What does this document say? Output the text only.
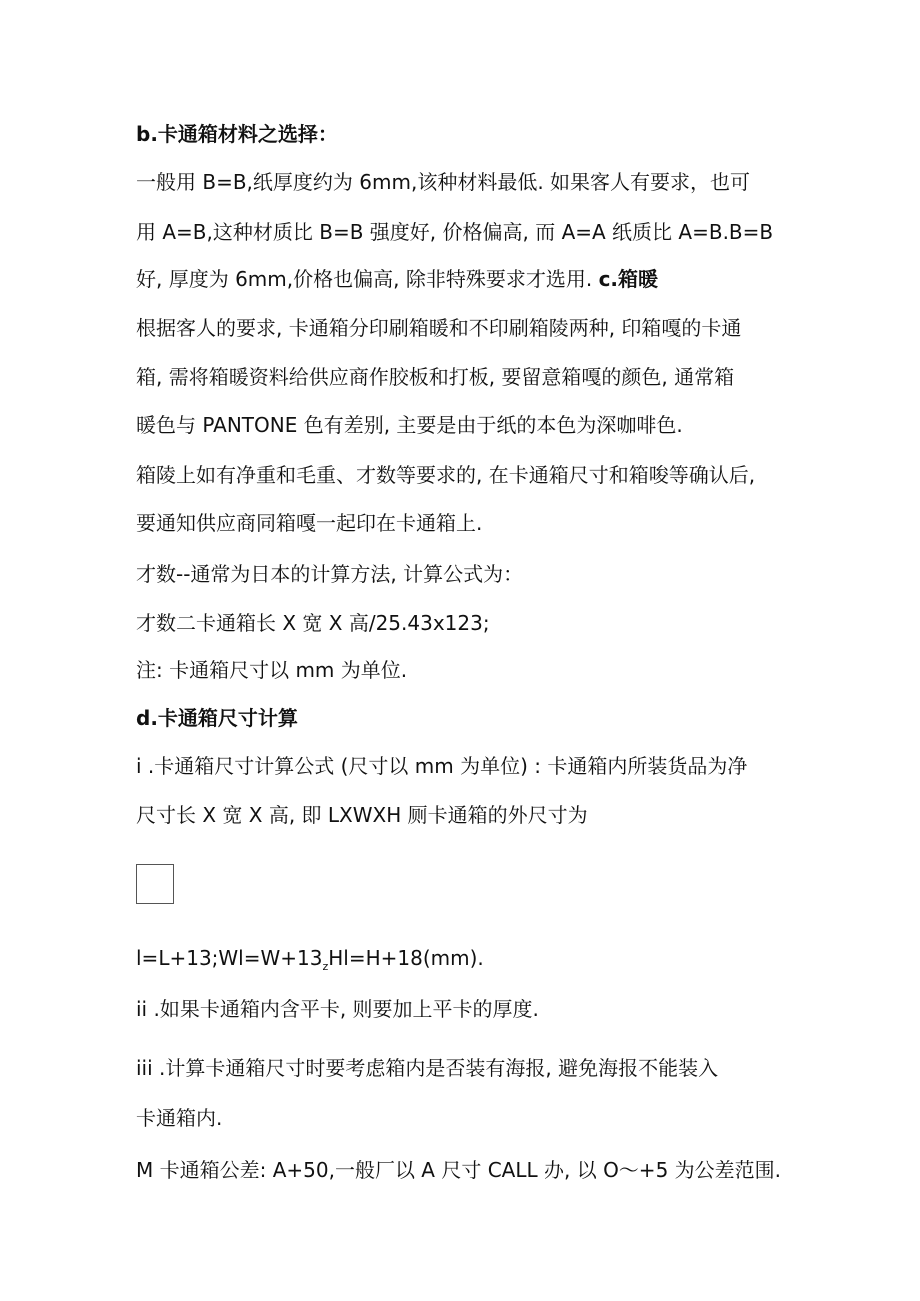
b.卡通箱材料之选择：
一般用 B=B,纸厚度约为 6mm,该种材料最低. 如果客人有要求，也可
用 A=B,这种材质比 B=B 强度好, 价格偏高, 而 A=A 纸质比 A=B.B=B
好, 厚度为 6mm,价格也偏高, 除非特殊要求才选用. c.箱暖
根据客人的要求, 卡通箱分印刷箱暖和不印刷箱陵两种, 印箱嘎的卡通
箱, 需将箱暖资料给供应商作胶板和打板, 要留意箱嘎的颜色, 通常箱
暖色与 PANTONE 色有差别, 主要是由于纸的本色为深咖啡色.
箱陵上如有净重和毛重、才数等要求的, 在卡通箱尺寸和箱唆等确认后,
要通知供应商同箱嘎一起印在卡通箱上.
才数--通常为日本的计算方法, 计算公式为：
才数二卡通箱长 X 宽 X 高/25.43x123;
注: 卡通箱尺寸以 mm 为单位.
d.卡通箱尺寸计算
i .卡通箱尺寸计算公式 (尺寸以 mm 为单位) : 卡通箱内所装货品为净
尺寸长 X 宽 X 高, 即 LXWXH 厕卡通箱的外尺寸为
$l=L+13;Wl=W+13_zHl=H+18(mm)$.
ii .如果卡通箱内含平卡, 则要加上平卡的厚度.
iii .计算卡通箱尺寸时要考虑箱内是否装有海报, 避免海报不能装入
卡通箱内.
M 卡通箱公差: A+50,一般厂以 A 尺寸 CALL 办, 以 O～+5 为公差范围.
